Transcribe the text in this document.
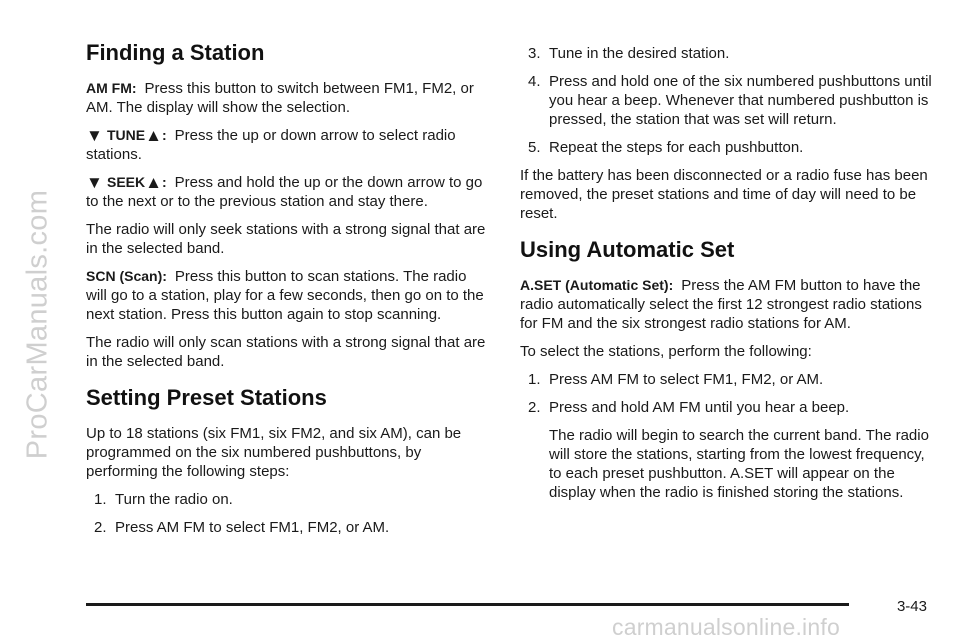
ProCarManuals.com
Finding a Station

AM FM: Press this button to switch between FM1, FM2, or AM. The display will show the selection.

▼ TUNE▲: Press the up or down arrow to select radio stations.

▼ SEEK▲: Press and hold the up or the down arrow to go to the next or to the previous station and stay there.

The radio will only seek stations with a strong signal that are in the selected band.

SCN (Scan): Press this button to scan stations. The radio will go to a station, play for a few seconds, then go on to the next station. Press this button again to stop scanning.

The radio will only scan stations with a strong signal that are in the selected band.

Setting Preset Stations

Up to 18 stations (six FM1, six FM2, and six AM), can be programmed on the six numbered pushbuttons, by performing the following steps:

1. Turn the radio on.
2. Press AM FM to select FM1, FM2, or AM.
3. Tune in the desired station.
4. Press and hold one of the six numbered pushbuttons until you hear a beep. Whenever that numbered pushbutton is pressed, the station that was set will return.
5. Repeat the steps for each pushbutton.

If the battery has been disconnected or a radio fuse has been removed, the preset stations and time of day will need to be reset.

Using Automatic Set

A.SET (Automatic Set): Press the AM FM button to have the radio automatically select the first 12 strongest radio stations for FM and the six strongest radio stations for AM.

To select the stations, perform the following:

1. Press AM FM to select FM1, FM2, or AM.
2. Press and hold AM FM until you hear a beep.

The radio will begin to search the current band. The radio will store the stations, starting from the lowest frequency, to each preset pushbutton. A.SET will appear on the display when the radio is finished storing the stations.

3-43
carmanualsonline.info
